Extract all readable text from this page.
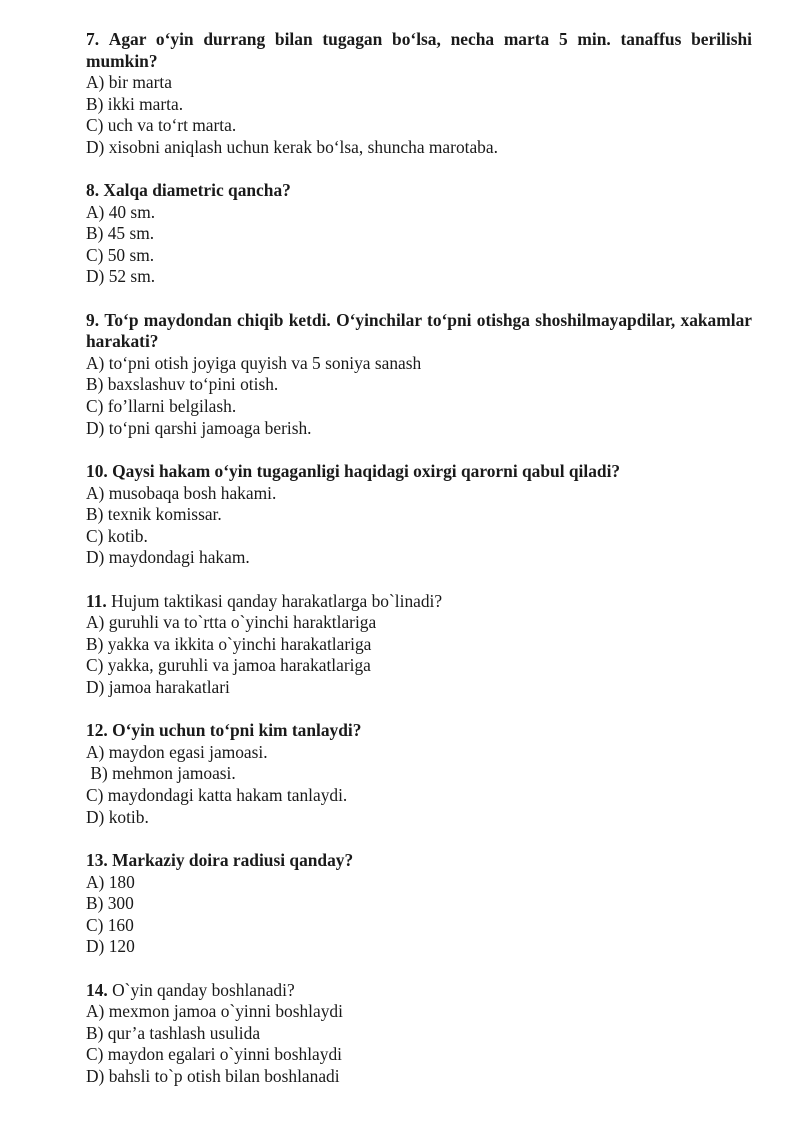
7. Agar o‘yin durrang bilan tugagan bo‘lsa, necha marta 5 min. tanaffus berilishi mumkin?

A) bir marta
B) ikki marta.
C) uch va to‘rt marta.
D) xisobni aniqlash uchun kerak bo‘lsa, shuncha marotaba.

8. Xalqa diametric qancha?

A) 40 sm.
B) 45 sm.
C) 50 sm.
D) 52 sm.

9. To‘p maydondan chiqib ketdi. O‘yinchilar to‘pni otishga shoshilmayapdilar, xakamlar harakati?

A) to‘pni otish joyiga quyish va 5 soniya sanash
B) baxslashuv to‘pini otish.
C) fo’llarni belgilash.
D) to‘pni qarshi jamoaga berish.

10. Qaysi hakam o‘yin tugaganligi haqidagi oxirgi qarorni qabul qiladi?

A) musobaqa bosh hakami.
B) texnik komissar.
C) kotib.
D) maydondagi hakam.

11. Hujum taktikasi qanday harakatlarga bo`linadi?

A) guruhli va to`rtta o`yinchi haraktlariga
B) yakka va ikkita o`yinchi harakatlariga
C) yakka, guruhli va jamoa harakatlariga
D) jamoa harakatlari

12. O‘yin uchun to‘pni kim tanlaydi?

A) maydon egasi jamoasi.
B) mehmon jamoasi.
C) maydondagi katta hakam tanlaydi.
D) kotib.

13. Markaziy doira radiusi qanday?

A) 180
B) 300
C) 160
D) 120

14. O`yin qanday boshlanadi?

A) mexmon jamoa o`yinni boshlaydi
B) qur’a tashlash usulida
C) maydon egalari o`yinni boshlaydi
D) bahsli to`p otish bilan boshlanadi
